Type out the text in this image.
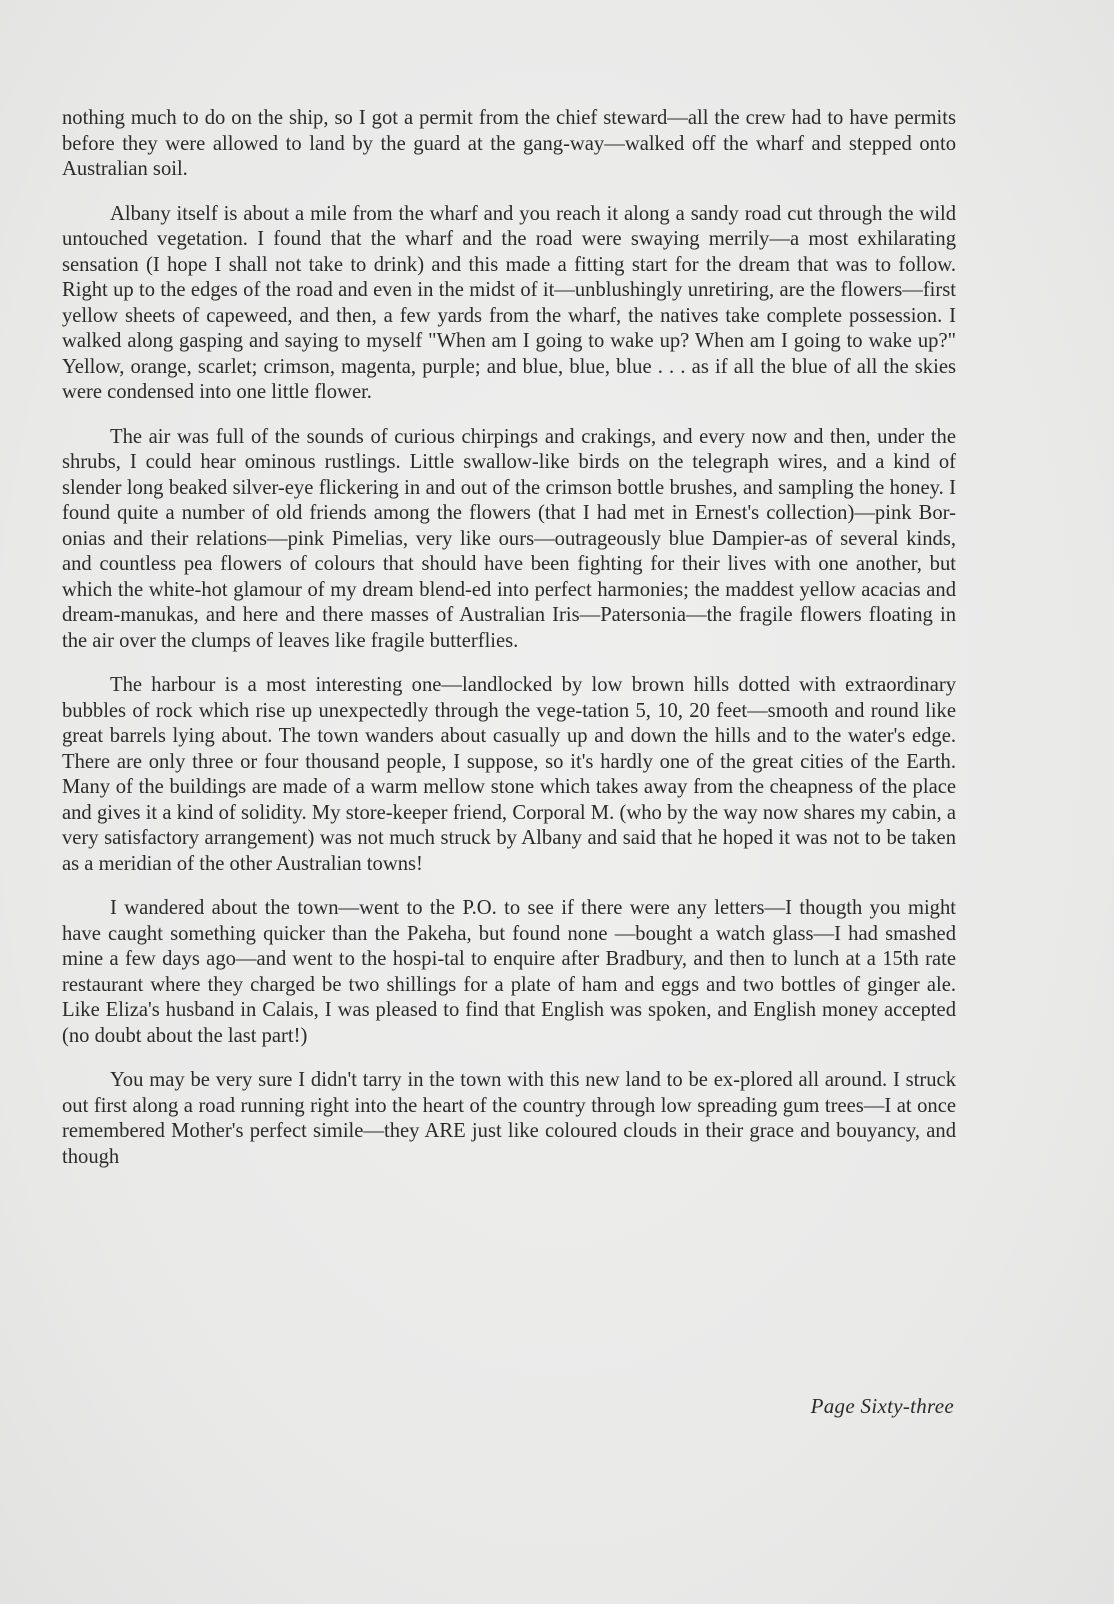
nothing much to do on the ship, so I got a permit from the chief steward—all the crew had to have permits before they were allowed to land by the guard at the gang-way—walked off the wharf and stepped onto Australian soil.

Albany itself is about a mile from the wharf and you reach it along a sandy road cut through the wild untouched vegetation. I found that the wharf and the road were swaying merrily—a most exhilarating sensation (I hope I shall not take to drink) and this made a fitting start for the dream that was to follow. Right up to the edges of the road and even in the midst of it—unblushingly unretiring, are the flowers—first yellow sheets of capeweed, and then, a few yards from the wharf, the natives take complete possession. I walked along gasping and saying to myself "When am I going to wake up? When am I going to wake up?" Yellow, orange, scarlet; crimson, magenta, purple; and blue, blue, blue . . . as if all the blue of all the skies were condensed into one little flower.

The air was full of the sounds of curious chirpings and crakings, and every now and then, under the shrubs, I could hear ominous rustlings. Little swallow-like birds on the telegraph wires, and a kind of slender long beaked silver-eye flickering in and out of the crimson bottle brushes, and sampling the honey. I found quite a number of old friends among the flowers (that I had met in Ernest's collection)—pink Bor-onias and their relations—pink Pimelias, very like ours—outrageously blue Dampier-as of several kinds, and countless pea flowers of colours that should have been fighting for their lives with one another, but which the white-hot glamour of my dream blend-ed into perfect harmonies; the maddest yellow acacias and dream-manukas, and here and there masses of Australian Iris—Patersonia—the fragile flowers floating in the air over the clumps of leaves like fragile butterflies.

The harbour is a most interesting one—landlocked by low brown hills dotted with extraordinary bubbles of rock which rise up unexpectedly through the vege-tation 5, 10, 20 feet—smooth and round like great barrels lying about. The town wanders about casually up and down the hills and to the water's edge. There are only three or four thousand people, I suppose, so it's hardly one of the great cities of the Earth. Many of the buildings are made of a warm mellow stone which takes away from the cheapness of the place and gives it a kind of solidity. My store-keeper friend, Corporal M. (who by the way now shares my cabin, a very satisfactory arrangement) was not much struck by Albany and said that he hoped it was not to be taken as a meridian of the other Australian towns!

I wandered about the town—went to the P.O. to see if there were any letters—I thougth you might have caught something quicker than the Pakeha, but found none —bought a watch glass—I had smashed mine a few days ago—and went to the hospi-tal to enquire after Bradbury, and then to lunch at a 15th rate restaurant where they charged be two shillings for a plate of ham and eggs and two bottles of ginger ale. Like Eliza's husband in Calais, I was pleased to find that English was spoken, and English money accepted (no doubt about the last part!)

You may be very sure I didn't tarry in the town with this new land to be ex-plored all around. I struck out first along a road running right into the heart of the country through low spreading gum trees—I at once remembered Mother's perfect simile—they ARE just like coloured clouds in their grace and bouyancy, and though

Page Sixty-three
